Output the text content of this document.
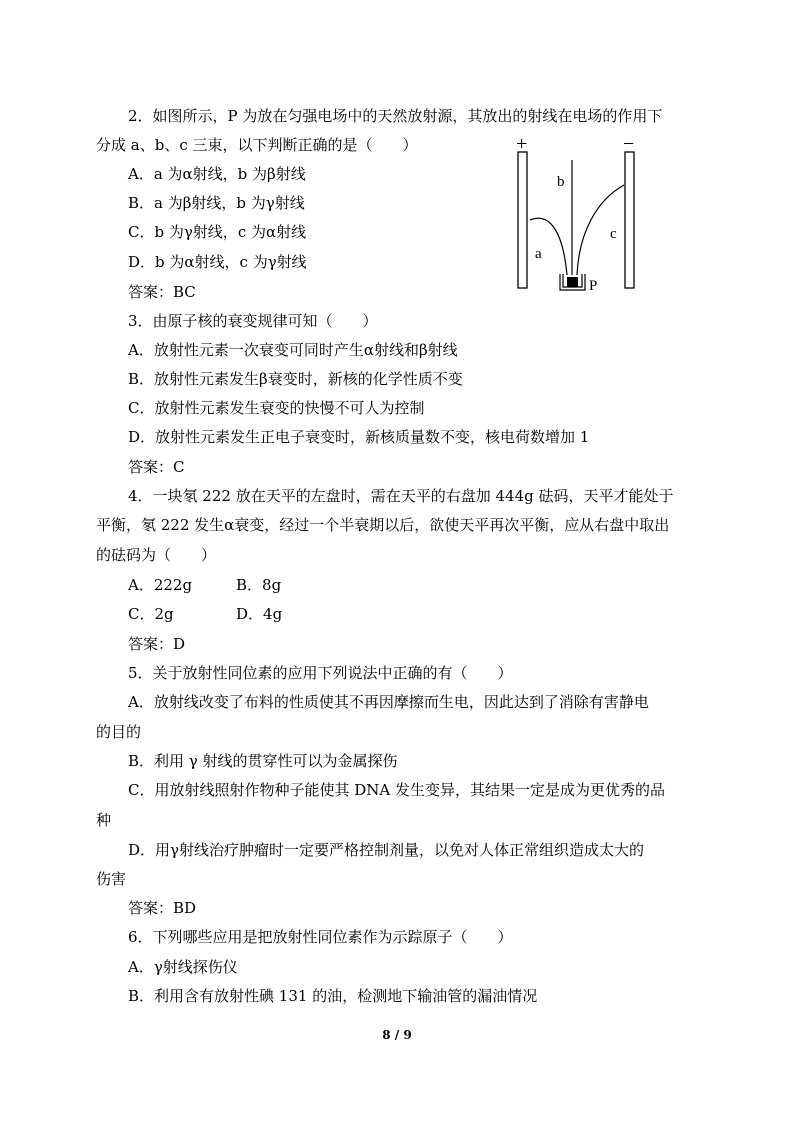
2．如图所示，P 为放在匀强电场中的天然放射源，其放出的射线在电场的作用下
分成 a、b、c 三束，以下判断正确的是（　　）
A．a 为α射线，b 为β射线
B．a 为β射线，b 为γ射线
C．b 为γ射线，c 为α射线
D．b 为α射线，c 为γ射线
答案：BC
+	−
b
c
a
P
3．由原子核的衰变规律可知（　　）
A．放射性元素一次衰变可同时产生α射线和β射线
B．放射性元素发生β衰变时，新核的化学性质不变
C．放射性元素发生衰变的快慢不可人为控制
D．放射性元素发生正电子衰变时，新核质量数不变，核电荷数增加 1
答案：C
4．一块氡 222 放在天平的左盘时，需在天平的右盘加 444g 砝码，天平才能处于
平衡，氡 222 发生α衰变，经过一个半衰期以后，欲使天平再次平衡，应从右盘中取出
的砝码为（　　）
A．222g	B．8g
C．2g	D．4g
答案：D
5．关于放射性同位素的应用下列说法中正确的有（　　）
A．放射线改变了布料的性质使其不再因摩擦而生电，因此达到了消除有害静电
的目的
B．利用 γ 射线的贯穿性可以为金属探伤
C．用放射线照射作物种子能使其 DNA 发生变异，其结果一定是成为更优秀的品
种
D．用γ射线治疗肿瘤时一定要严格控制剂量，以免对人体正常组织造成太大的
伤害
答案：BD
6．下列哪些应用是把放射性同位素作为示踪原子（　　）
A．γ射线探伤仪
B．利用含有放射性碘 131 的油，检测地下输油管的漏油情况
8 / 9
